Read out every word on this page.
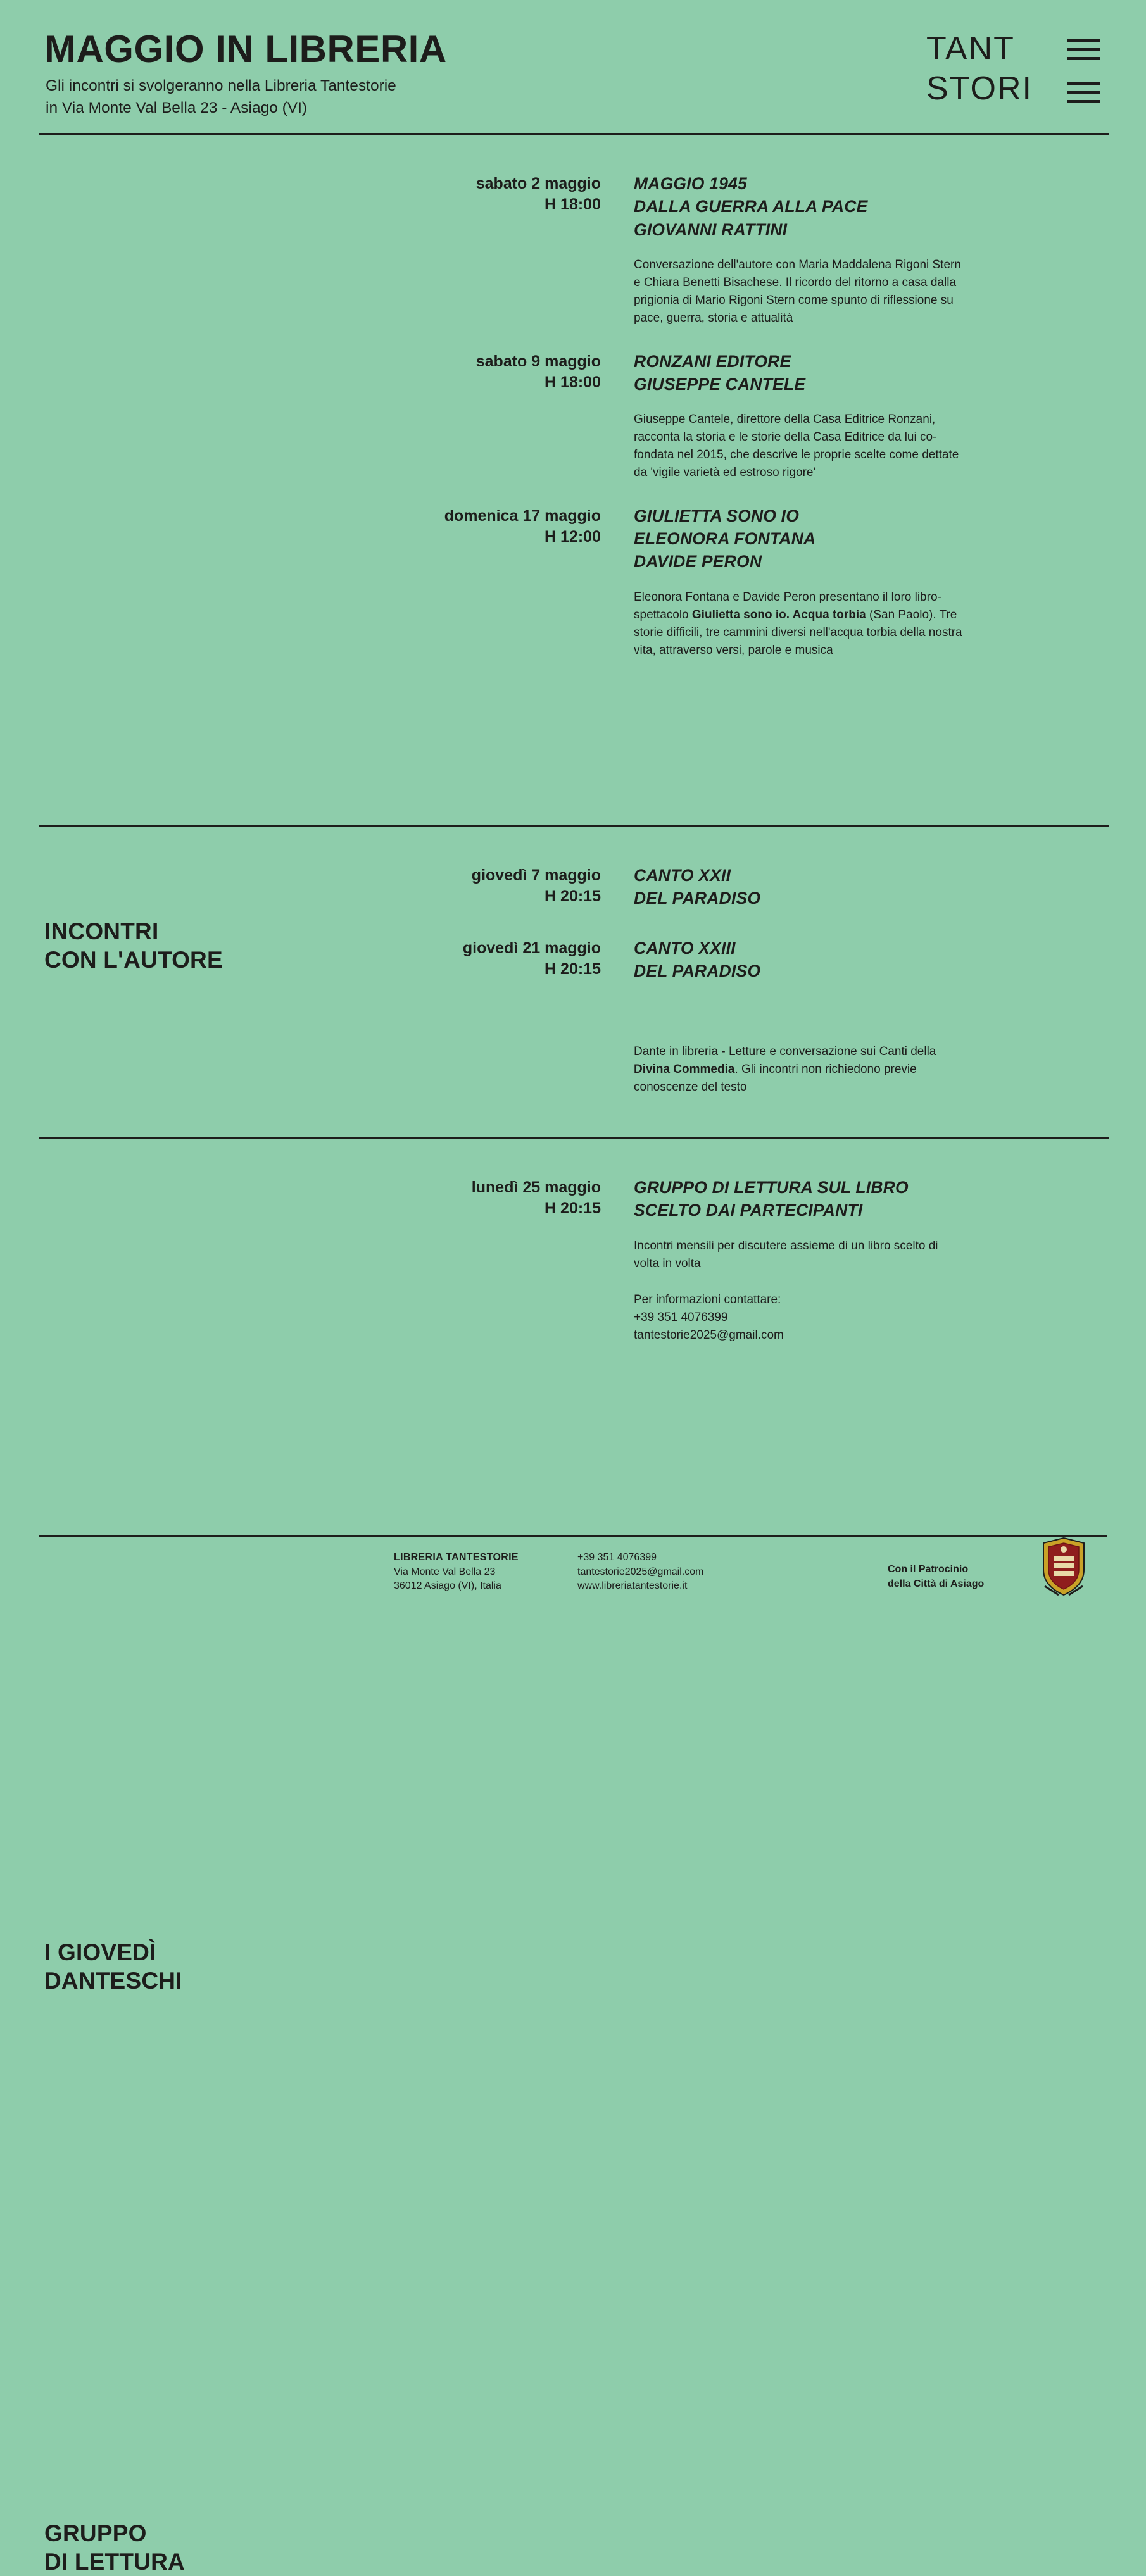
MAGGIO IN LIBRERIA
Gli incontri si svolgeranno nella Libreria Tantestorie
in Via Monte Val Bella 23 - Asiago (VI)
TANT
STORI
INCONTRI
CON L'AUTORE
sabato 2 maggio
H 18:00
MAGGIO 1945
DALLA GUERRA ALLA PACE
GIOVANNI RATTINI
Conversazione dell'autore con Maria Maddalena Rigoni Stern e Chiara Benetti Bisachese. Il ricordo del ritorno a casa dalla prigionia di Mario Rigoni Stern come spunto di riflessione su pace, guerra, storia e attualità
sabato 9 maggio
H 18:00
RONZANI EDITORE
GIUSEPPE CANTELE
Giuseppe Cantele, direttore della Casa Editrice Ronzani, racconta la storia e le storie della Casa Editrice da lui co-fondata nel 2015, che descrive le proprie scelte come dettate da 'vigile varietà ed estroso rigore'
domenica 17 maggio
H 12:00
GIULIETTA SONO IO
ELEONORA FONTANA
DAVIDE PERON
Eleonora Fontana e Davide Peron presentano il loro libro-spettacolo Giulietta sono io. Acqua torbia (San Paolo). Tre storie difficili, tre cammini diversi nell'acqua torbia della nostra vita, attraverso versi, parole e musica
I GIOVEDÌ
DANTESCHI
giovedì 7 maggio
H 20:15
CANTO XXII
DEL PARADISO
giovedì 21 maggio
H 20:15
CANTO XXIII
DEL PARADISO
Dante in libreria - Letture e conversazione sui Canti della Divina Commedia. Gli incontri non richiedono previe conoscenze del testo
GRUPPO
DI LETTURA
lunedì 25 maggio
H 20:15
GRUPPO DI LETTURA SUL LIBRO
SCELTO DAI PARTECIPANTI
Incontri mensili per discutere assieme di un libro scelto di volta in volta
Per informazioni contattare:
+39 351 4076399
tantestorie2025@gmail.com
LIBRERIA TANTESTORIE
Via Monte Val Bella 23
36012 Asiago (VI), Italia
+39 351 4076399
tantestorie2025@gmail.com
www.libreriatantestorie.it
Con il Patrocinio
della Città di Asiago
